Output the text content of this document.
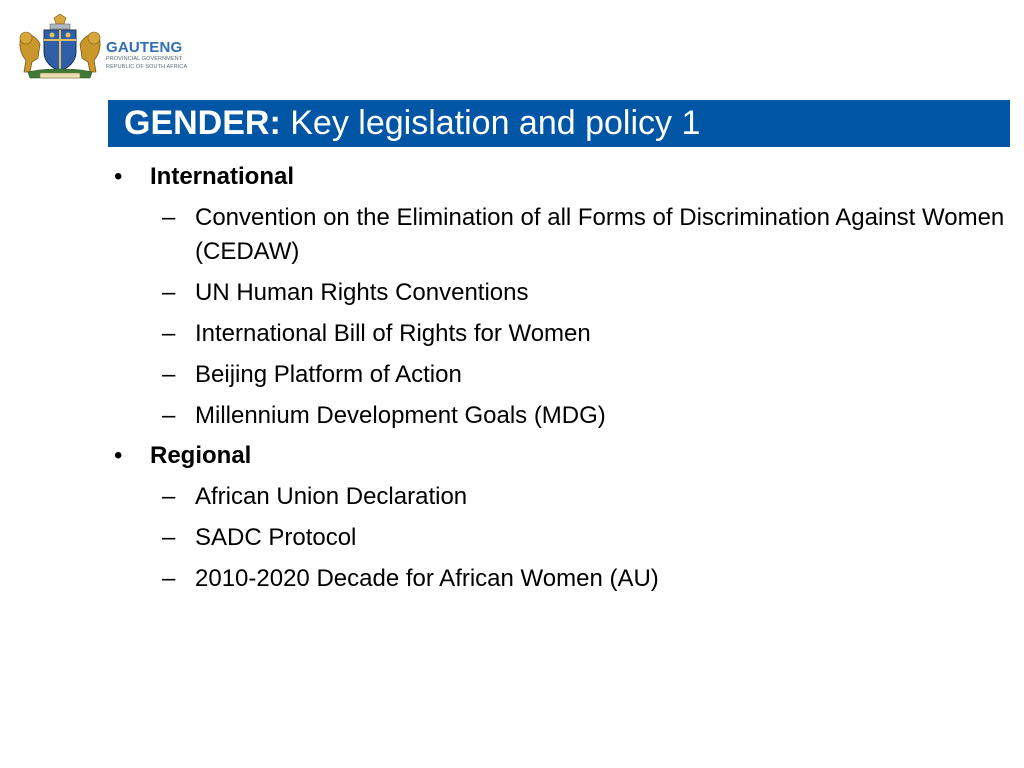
GAUTENG
PROVINCIAL GOVERNMENT
REPUBLIC OF SOUTH AFRICA
GENDER: Key legislation and policy 1
• International
– Convention on the Elimination of all Forms of Discrimination Against Women (CEDAW)
– UN Human Rights Conventions
– International Bill of Rights for Women
– Beijing Platform of Action
– Millennium Development Goals (MDG)
• Regional
– African Union Declaration
– SADC Protocol
– 2010-2020 Decade for African Women (AU)
